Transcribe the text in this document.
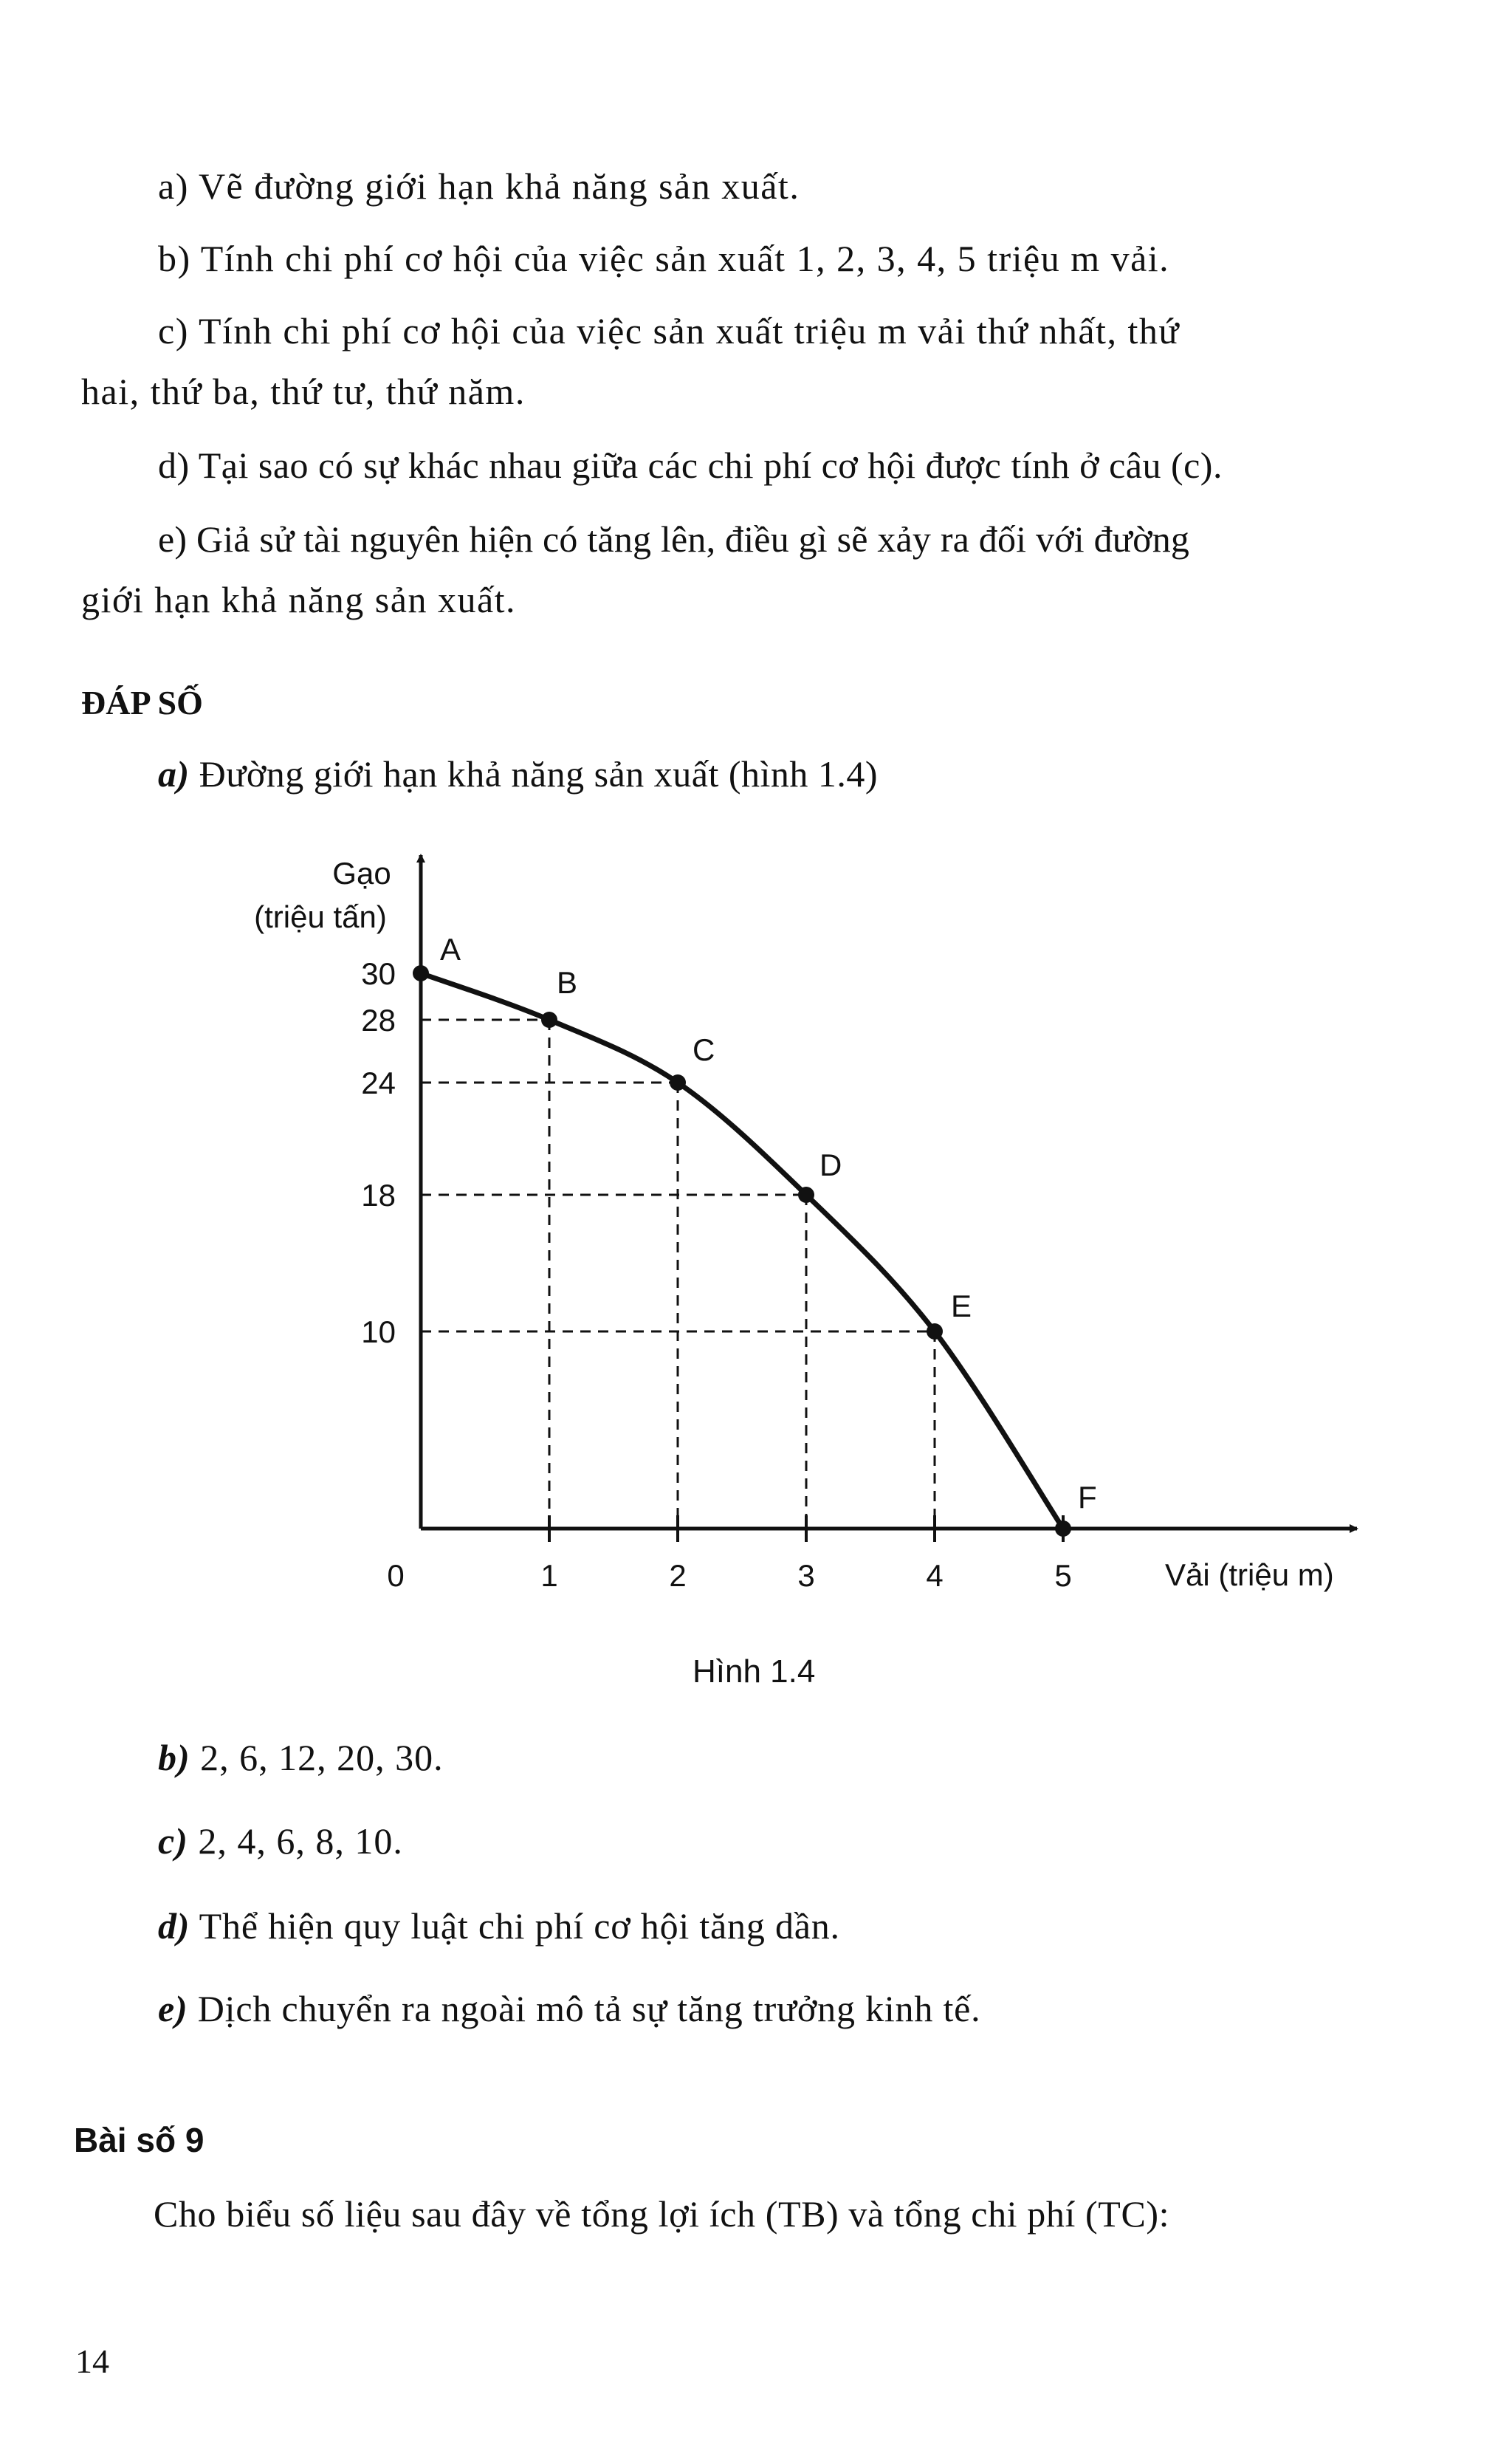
a) Vẽ đường giới hạn khả năng sản xuất.

b) Tính chi phí cơ hội của việc sản xuất 1, 2, 3, 4, 5 triệu m vải.

c) Tính chi phí cơ hội của việc sản xuất triệu m vải thứ nhất, thứ

hai, thứ ba, thứ tư, thứ năm.

d) Tại sao có sự khác nhau giữa các chi phí cơ hội được tính ở câu (c).

e) Giả sử tài nguyên hiện có tăng lên, điều gì sẽ xảy ra đối với đường

giới hạn khả năng sản xuất.

ĐÁP SỐ

a) Đường giới hạn khả năng sản xuất (hình 1.4)

0	1	2	3	4	5
30
28
24
18
10
A
B
C
D
E
F
Gạo
(triệu tấn)
Vải (triệu m)

Hình 1.4

b) 2, 6, 12, 20, 30.

c) 2, 4, 6, 8, 10.

d) Thể hiện quy luật chi phí cơ hội tăng dần.

e) Dịch chuyển ra ngoài mô tả sự tăng trưởng kinh tế.

Bài số 9

Cho biểu số liệu sau đây về tổng lợi ích (TB) và tổng chi phí (TC):

14
